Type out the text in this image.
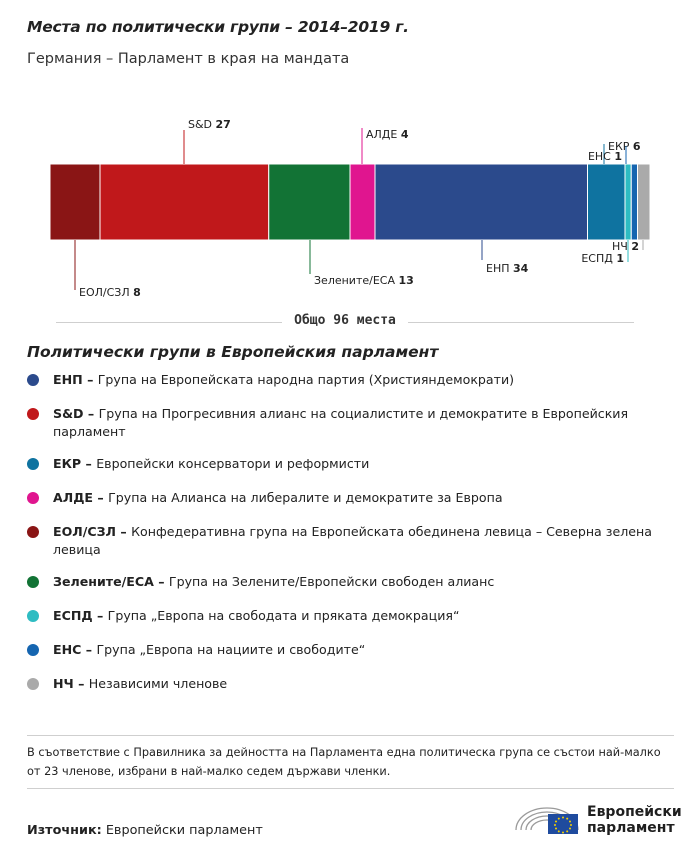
Места по политически групи – 2014–2019 г.
Германия – Парламент в края на мандата
ЕОЛ/СЗЛ 8
S&D 27
Зелените/ЕСА 13
АЛДЕ 4
ЕНП 34
ЕКР 6
ЕСПД 1
ЕНС 1
НЧ 2
Общо 96 места
Политически групи в Европейския парламент
ЕНП – Група на Европейската народна партия (Християндемократи)
S&D – Група на Прогресивния алианс на социалистите и демократите в Европейския парламент
ЕКР – Европейски консерватори и реформисти
АЛДЕ – Група на Алианса на либералите и демократите за Европа
ЕОЛ/СЗЛ – Конфедеративна група на Европейската обединена левица – Северна зелена левица
Зелените/ЕСА – Група на Зелените/Европейски свободен алианс
ЕСПД – Група „Европа на свободата и пряката демокрация“
ЕНС – Група „Европа на нациите и свободите“
НЧ – Независими членове
В съответствие с Правилника за дейността на Парламента една политическа група се състои най-малко от 23 членове, избрани в най-малко седем държави членки.
Източник: Европейски парламент
Европейски
парламент
